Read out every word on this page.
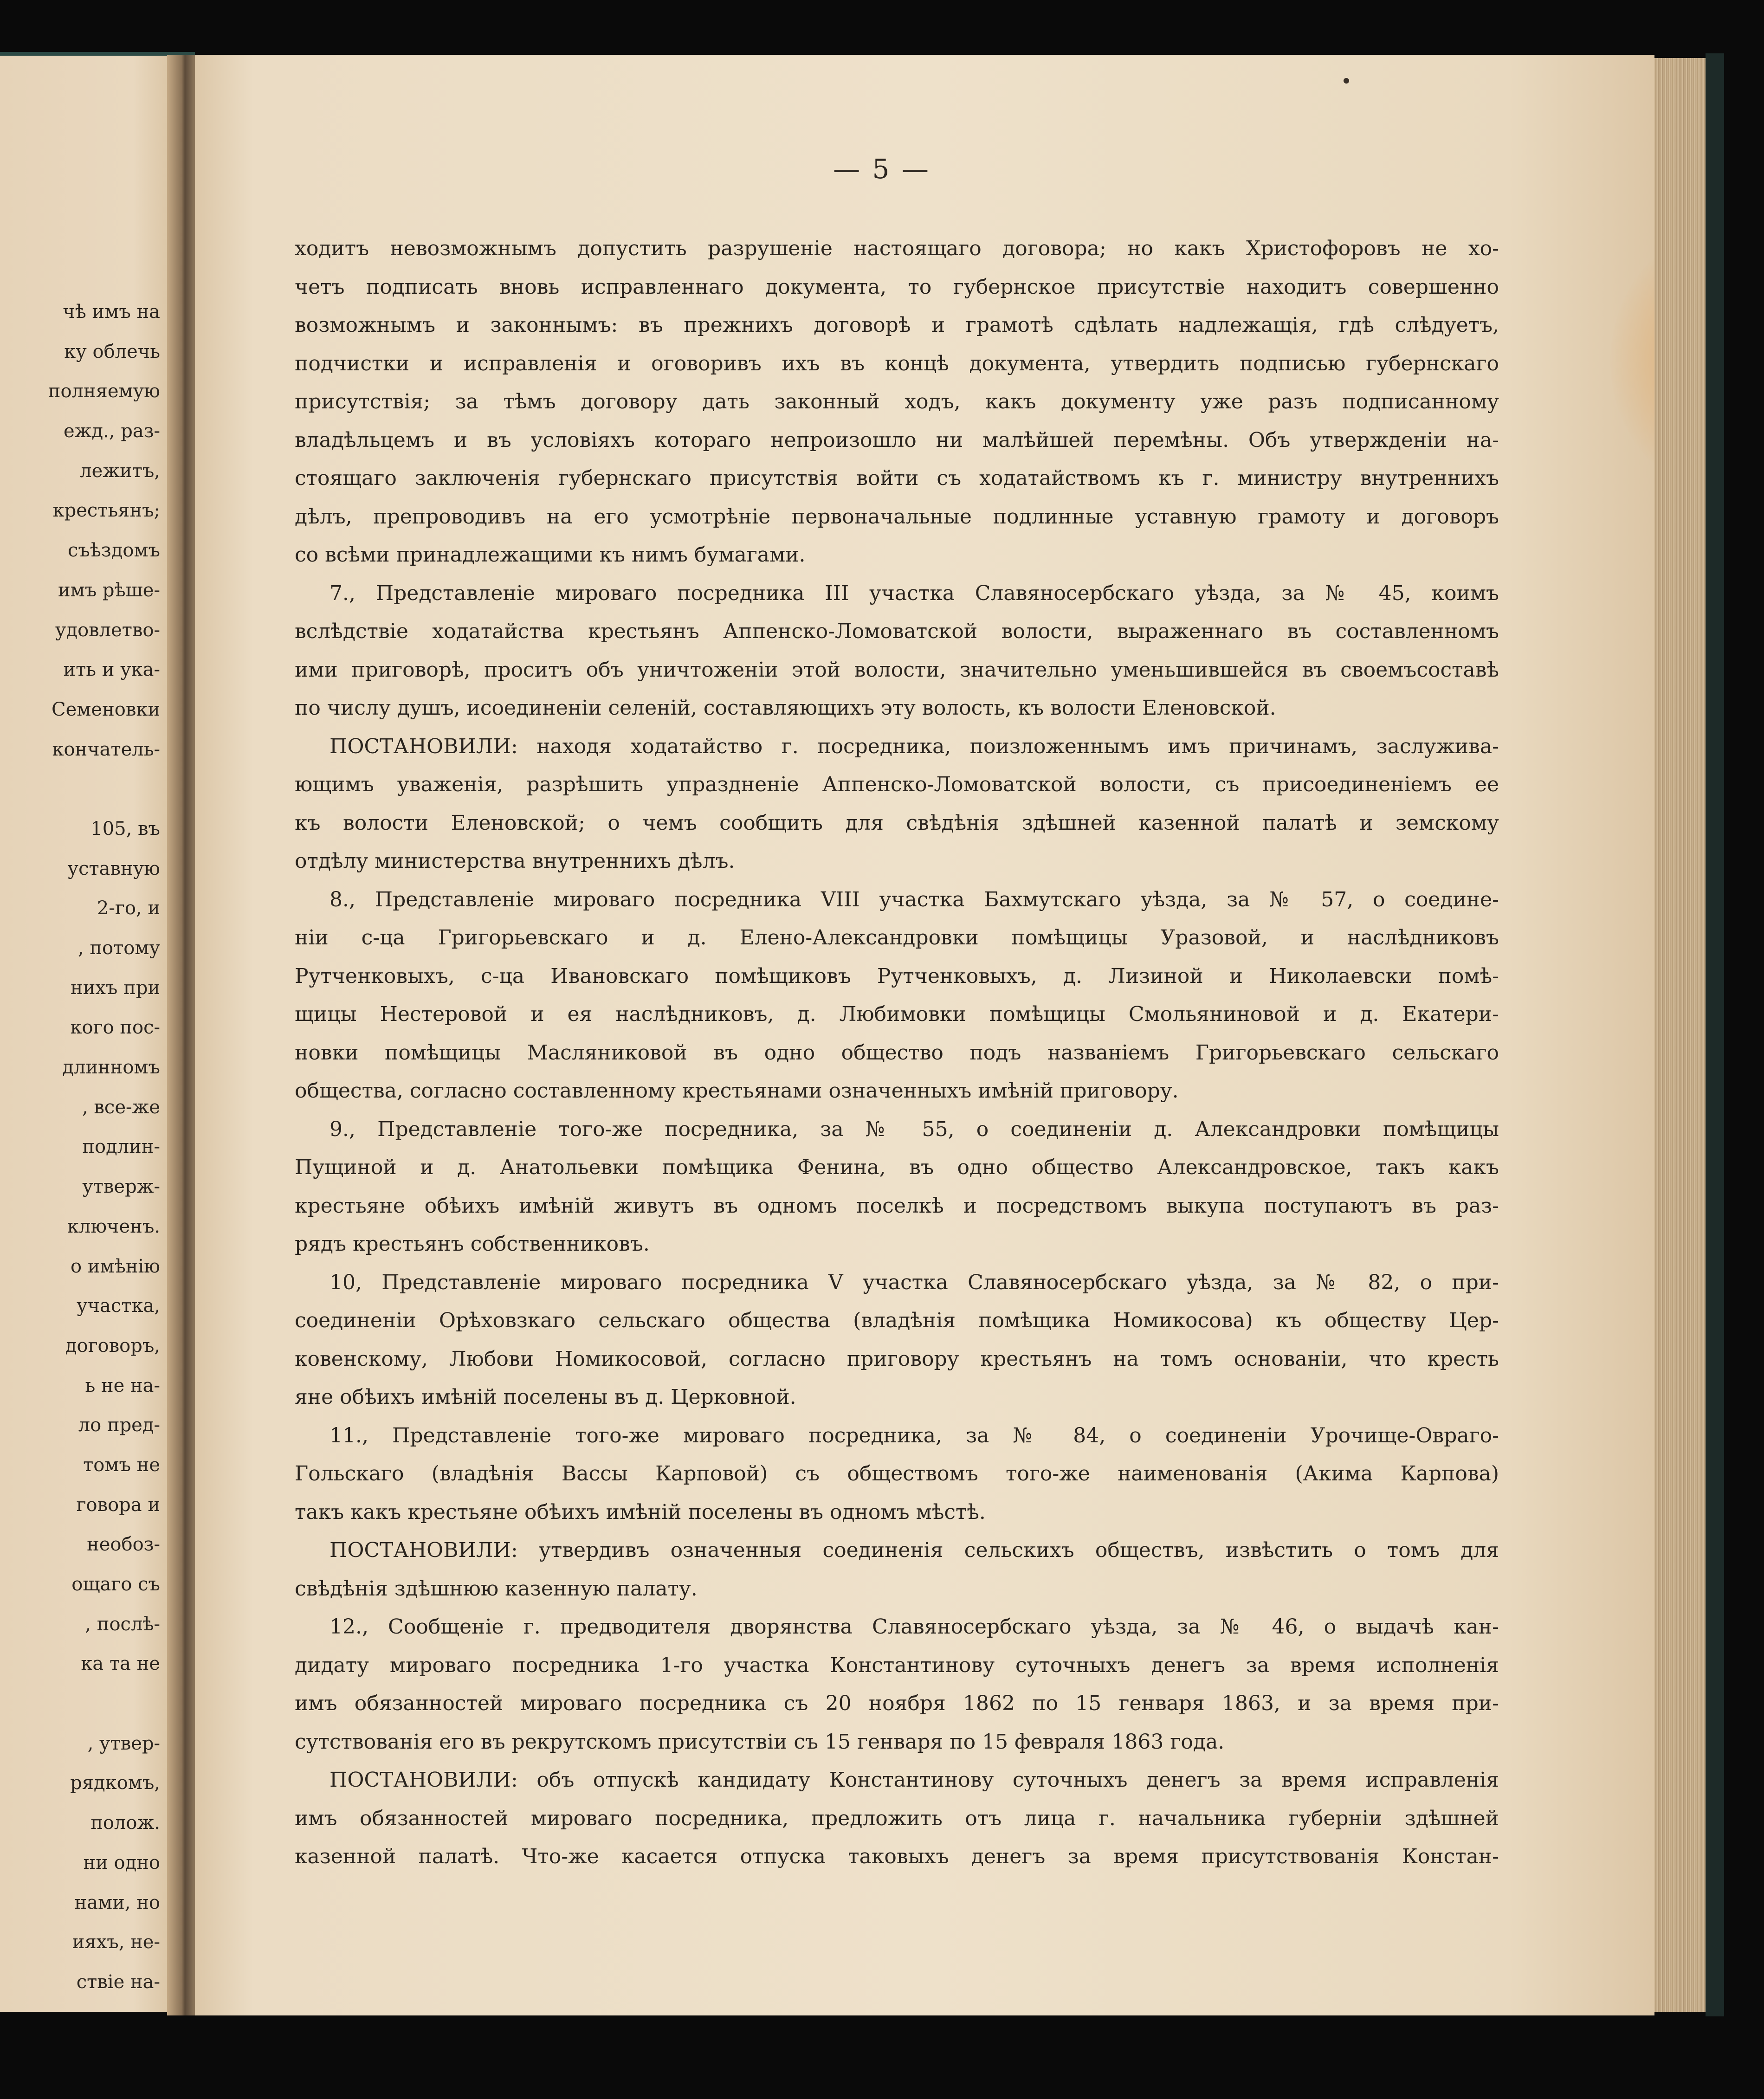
чѣ имъ на
ку облечь
полняемую
ежд., раз-
лежитъ,
крестьянъ;
съѣздомъ
имъ рѣше-
удовлетво-
ить и ука-
Семеновки
кончатель-
105, въ
уставную
2-го, и
, потому
ниxъ при
кого пос-
длинномъ
, все-же
подлин-
утверж-
ключенъ.
о имѣнію
участка,
договоръ,
ь не на-
ло пред-
томъ не
говора и
необоз-
ощаго съ
, послѣ-
ка та не
, утвер-
рядкомъ,
полож.
ни одно
нами, но
ияхъ, не-
ствіе на-
— 5 —
ходитъ невозможнымъ допустить разрушеніе настоящаго договора; но какъ Христофоровъ не хо-
четъ подписать вновь исправленнаго документа, то губернское присутствіе находитъ совершенно
возможнымъ и законнымъ: въ прежнихъ договорѣ и грамотѣ сдѣлать надлежащія, гдѣ слѣдуетъ,
подчистки и исправленія и оговоривъ ихъ въ концѣ документа, утвердить подписью губернскаго
присутствія; за тѣмъ договору дать законный ходъ, какъ документу уже разъ подписанному
владѣльцемъ и въ условіяхъ котораго непроизошло ни малѣйшей перемѣны. Объ утвержденіи на-
стоящаго заключенія губернскаго присутствія войти съ ходатайствомъ къ г. министру внутреннихъ
дѣлъ, препроводивъ на его усмотрѣніе первоначальные подлинные уставную грамоту и договоръ
со всѣми принадлежащими къ нимъ бумагами.
7., Представленіе мироваго посредника III участка Славяносербскаго уѣзда, за № 45, коимъ
вслѣдствіе ходатайства крестьянъ Аппенско-Ломоватской волости, выраженнаго въ составленномъ
ими приговорѣ, проситъ объ уничтоженіи этой волости, значительно уменьшившейся въ своемъсоставѣ
по числу душъ, исоединеніи селеній, составляющихъ эту волость, къ волости Еленовской.
ПОСТАНОВИЛИ: находя ходатайство г. посредника, поизложеннымъ имъ причинамъ, заслужива-
ющимъ уваженія, разрѣшить упраздненіе Аппенско-Ломоватской волости, съ присоединеніемъ ее
къ волости Еленовской; о чемъ сообщить для свѣдѣнія здѣшней казенной палатѣ и земскому
отдѣлу министерства внутреннихъ дѣлъ.
8., Представленіе мироваго посредника VIII участка Бахмутскаго уѣзда, за № 57, о соедине-
ніи с-ца Григорьевскаго и д. Елено-Александровки помѣщицы Уразовой, и наслѣдниковъ
Рутченковыхъ, с-ца Ивановскаго помѣщиковъ Рутченковыхъ, д. Лизиной и Николаевски помѣ-
щицы Нестеровой и ея наслѣдниковъ, д. Любимовки помѣщицы Смольяниновой и д. Екатери-
новки помѣщицы Масляниковой въ одно общество подъ названіемъ Григорьевскаго сельскаго
общества, согласно составленному крестьянами означенныхъ имѣній приговору.
9., Представленіе того-же посредника, за № 55, о соединеніи д. Александровки помѣщицы
Пущиной и д. Анатольевки помѣщика Фенина, въ одно общество Александровское, такъ какъ
крестьяне обѣихъ имѣній живутъ въ одномъ поселкѣ и посредствомъ выкупа поступаютъ въ раз-
рядъ крестьянъ собственниковъ.
10, Представленіе мироваго посредника V участка Славяносербскаго уѣзда, за № 82, о при-
соединеніи Орѣховзкаго сельскаго общества (владѣнія помѣщика Номикосова) къ обществу Цер-
ковенскому, Любови Номикосовой, согласно приговору крестьянъ на томъ основаніи, что кресть
яне обѣихъ имѣній поселены въ д. Церковной.
11., Представленіе того-же мироваго посредника, за № 84, о соединеніи Урочище-Оврагo-
Гольскаго (владѣнія Вассы Карповой) съ обществомъ того-же наименованія (Акима Карпова)
такъ какъ крестьяне обѣихъ имѣній поселены въ одномъ мѣстѣ.
ПОСТАНОВИЛИ: утвердивъ означенныя соединенія сельскихъ обществъ, извѣстить о томъ для
свѣдѣнія здѣшнюю казенную палату.
12., Сообщеніе г. предводителя дворянства Славяносербскаго уѣзда, за № 46, о выдачѣ кан-
дидату мироваго посредника 1-го участка Константинову суточныхъ денегъ за время исполненія
имъ обязанностей мироваго посредника съ 20 ноября 1862 по 15 генваря 1863, и за время при-
сутствованія его въ рекрутскомъ присутствіи съ 15 генваря по 15 февраля 1863 года.
ПОСТАНОВИЛИ: объ отпускѣ кандидату Константинову суточныхъ денегъ за время исправленія
имъ обязанностей мироваго посредника, предложить отъ лица г. начальника губерніи здѣшней
казенной палатѣ. Что-же касается отпуска таковыхъ денегъ за время присутствованія Констан-
